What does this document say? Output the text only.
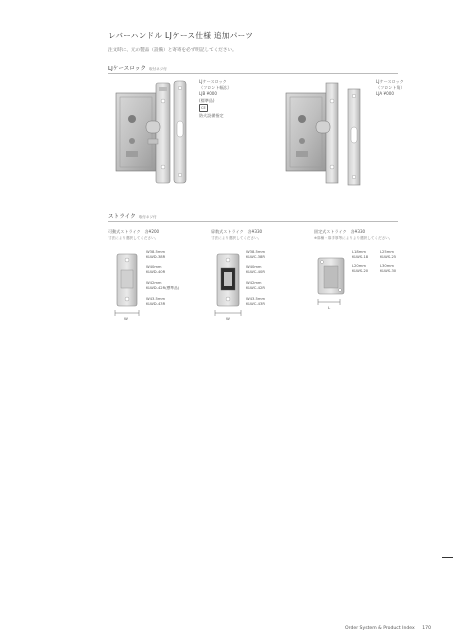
レバーハンドル LJケース仕様 追加パーツ
注文時に、元の製品（設備）と寄寄を必ず明記してください。
LJケースロック 取付ネジ付
LJケースロック
（フロント幅広）
LJB ¥000
(標準品)
CE
防火設備指定
LJケースロック
（フロント角）
LJA ¥000
ストライク 取付ネジ付
可動式ストライク　各¥200
寸法により選択してください。
W
W38.5mm
KLWD-38R
W40mm
KLWD-40R
W42mm
KLWD-42R(標準品)
W43.5mm
KLWD-43R
扉数式ストライク　各¥330
寸法により選択してください。
W
W38.5mm
KLWC-38R
W40mm
KLWC-40R
W42mm
KLWC-42R
W43.5mm
KLWC-43R
固定式ストライク　各¥330
※扉種・扉手厚等によりより選択してください。
L
L18mm
KLWS-18
L25mm
KLWS-25
L20mm
KLWS-20
L30mm
KLWS-30
Order System & Product Index 170
